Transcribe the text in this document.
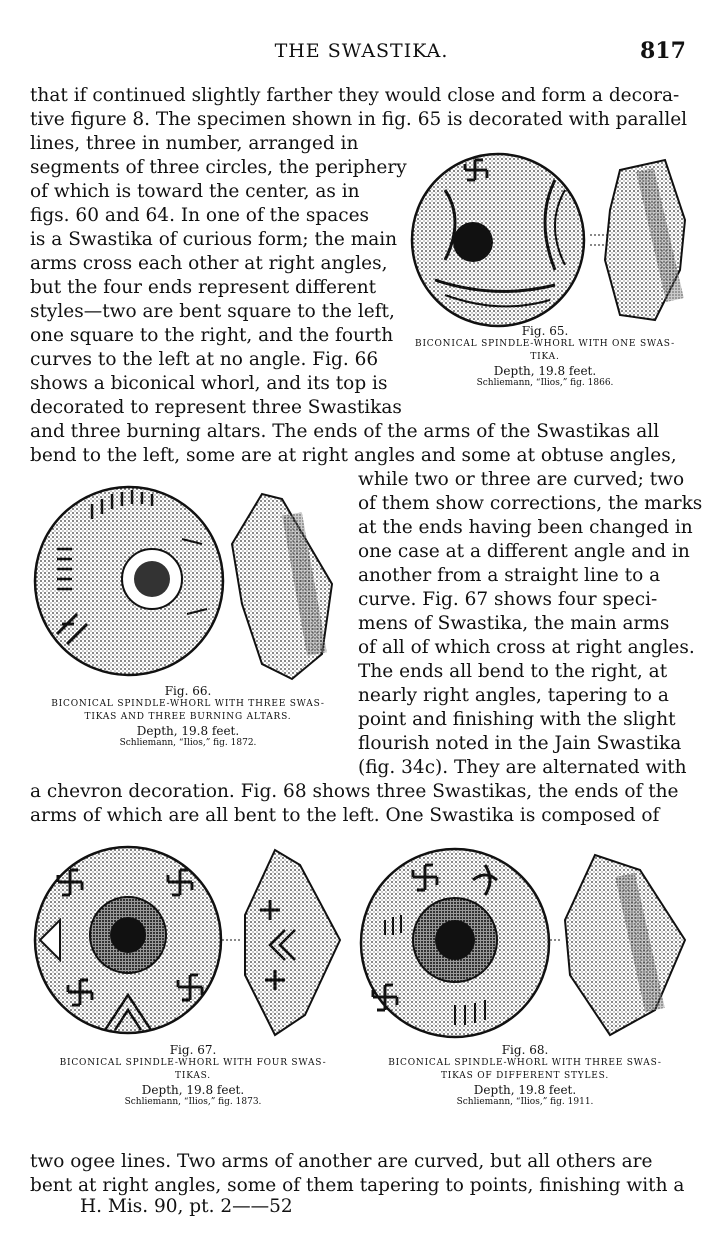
THE SWASTIKA.	817
that if continued slightly farther they would close and form a decora-
tive figure 8. The specimen shown in fig. 65 is decorated with parallel
lines, three in number, arranged in
segments of three circles, the periphery
of which is toward the center, as in
figs. 60 and 64. In one of the spaces
is a Swastika of curious form; the main
arms cross each other at right angles,
but the four ends represent different
styles—two are bent square to the left,
one square to the right, and the fourth
curves to the left at no angle. Fig. 66
shows a biconical whorl, and its top is
decorated to represent three Swastikas
and three burning altars. The ends of the arms of the Swastikas all
bend to the left, some are at right angles and some at obtuse angles,
while two or three are curved; two
of them show corrections, the marks
at the ends having been changed in
one case at a different angle and in
another from a straight line to a
curve. Fig. 67 shows four speci-
mens of Swastika, the main arms
of all of which cross at right angles.
The ends all bend to the right, at
nearly right angles, tapering to a
point and finishing with the slight
flourish noted in the Jain Swastika
(fig. 34c). They are alternated with
a chevron decoration. Fig. 68 shows three Swastikas, the ends of the
arms of which are all bent to the left. One Swastika is composed of
two ogee lines. Two arms of another are curved, but all others are
bent at right angles, some of them tapering to points, finishing with a
H. Mis. 90, pt. 2——52
Fig. 65.
BICONICAL SPINDLE-WHORL WITH ONE SWAS-
TIKA.
Depth, 19.8 feet.
Schliemann, “Ilios,” fig. 1866.
Fig. 66.
BICONICAL SPINDLE-WHORL WITH THREE SWAS-
TIKAS AND THREE BURNING ALTARS.
Depth, 19.8 feet.
Schliemann, “Ilios,” fig. 1872.
Fig. 67.
BICONICAL SPINDLE-WHORL WITH FOUR SWAS-
TIKAS.
Depth, 19.8 feet.
Schliemann, “Ilios,” fig. 1873.
Fig. 68.
BICONICAL SPINDLE-WHORL WITH THREE SWAS-
TIKAS OF DIFFERENT STYLES.
Depth, 19.8 feet.
Schliemann, “Ilios,” fig. 1911.
